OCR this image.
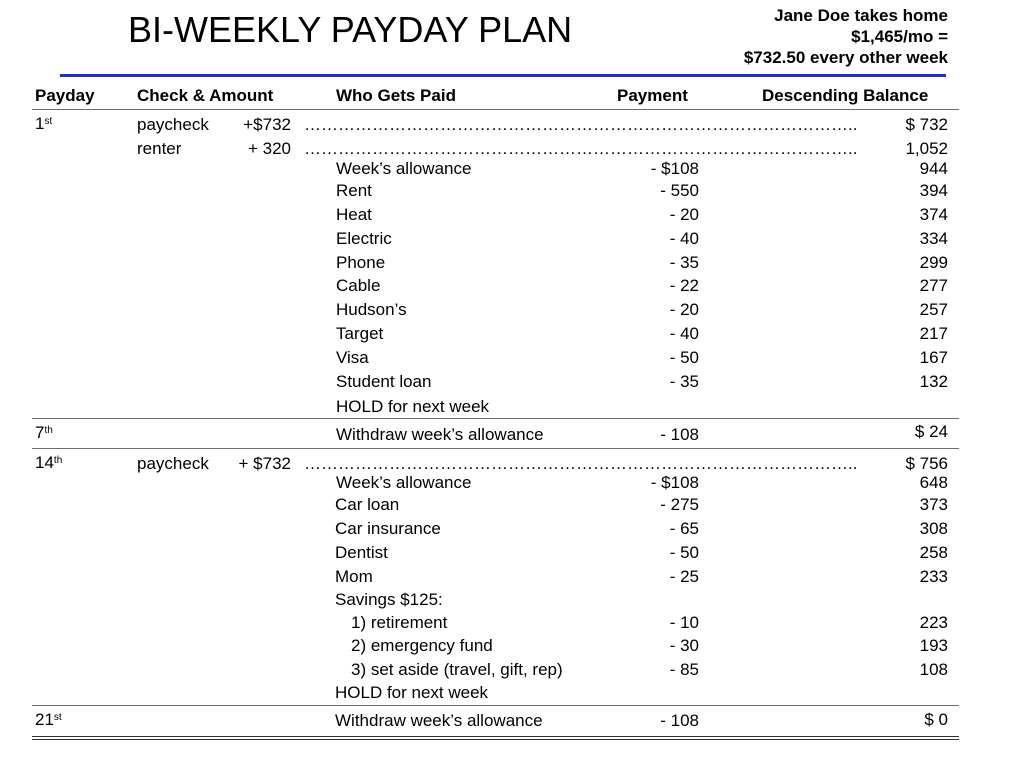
BI-WEEKLY PAYDAY PLAN	Jane Doe takes home
$1,465/mo =
$732.50 every other week
Payday Check & Amount	Who Gets Paid	Payment	Descending Balance
1st	paycheck +$732 ……………………………………………………………………………………..	$ 732
renter	+ 320 ……………………………………………………………………………………..	1,052
Week’s allowance	- $108	944
Rent	- 550	394
Heat	- 20	374
Electric	- 40	334
Phone	- 35	299
Cable	- 22	277
Hudson’s	- 20	257
Target	- 40	217
Visa	- 50	167
Student loan	- 35	132
HOLD for next week
7th	Withdraw week’s allowance	- 108	$ 24
14th	paycheck + $732 ……………………………………………………………………………………..	$ 756
Week’s allowance	- $108	648
Car loan	- 275	373
Car insurance	- 65	308
Dentist	- 50	258
Mom	- 25	233
Savings $125:
1) retirement	- 10	223
2) emergency fund	- 30	193
3) set aside (travel, gift, rep)	- 85	108
HOLD for next week
21st	Withdraw week’s allowance	- 108	$ 0
